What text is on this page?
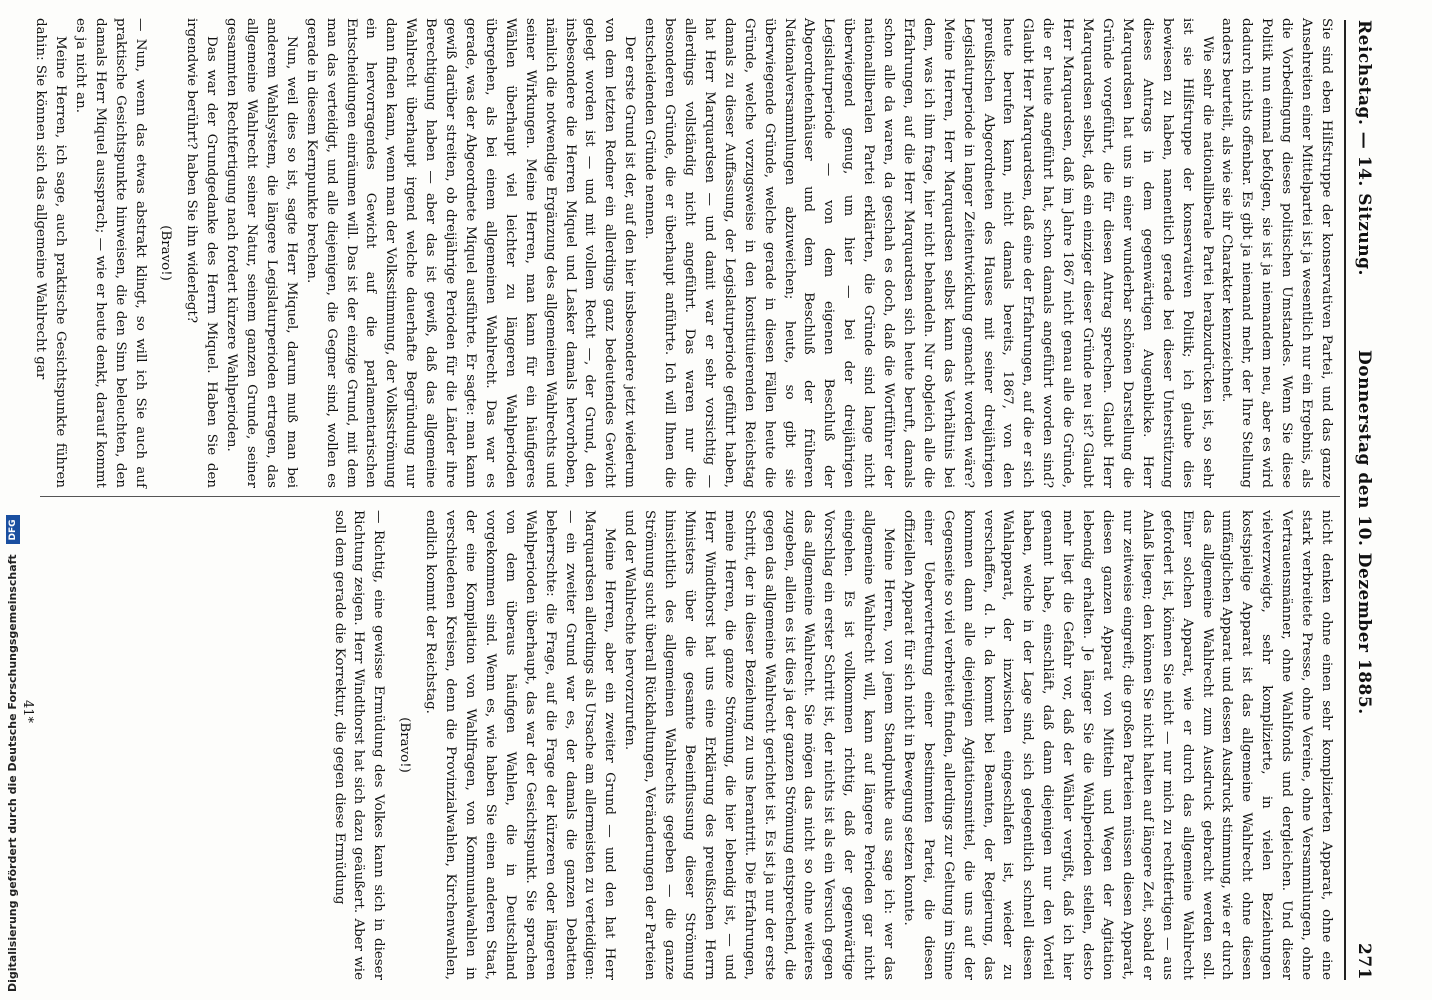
Reichstag. — 14. Sitzung.
Donnerstag den 10. Dezember 1885.
271

Sie sind eben Hilfstruppe der konservativen Partei, und das ganze Ansehreiten einer Mittelpartei ist ja wesentlich nur ein Ergebnis, als die Vorbedingung dieses politischen Umstandes. Wenn Sie diese Politik nun einmal befolgen, sie ist ja niemandem neu, aber es wird dadurch nichts offenbar. Es gibt ja niemand mehr, der Ihre Stellung anders beurteilt, als wie sie ihr Charakter kennzeichnet.

Wie sehr die nationalliberale Partei herabzudrücken ist, so sehr ist sie Hilfstruppe der konservativen Politik; ich glaube dies bewiesen zu haben, namentlich gerade bei dieser Unterstützung dieses Antrags in dem gegenwärtigen Augenblicke. Herr Marquardsen hat uns in einer wunderbar schönen Darstellung die Gründe vorgeführt, die für diesen Antrag sprechen. Glaubt Herr Marquardsen selbst, daß ein einziger dieser Gründe neu ist? Glaubt Herr Marquardsen, daß im Jahre 1867 nicht genau alle die Gründe, die er heute angeführt hat, schon damals angeführt worden sind? Glaubt Herr Marquardsen, daß eine der Erfahrungen, auf die er sich heute berufen kann, nicht damals bereits, 1867, von den preußischen Abgeordneten des Hauses mit seiner dreijährigen Legislaturperiode in langer Zeitentwicklung gemacht worden wäre? Meine Herren, Herr Marquardsen selbst kann das Verhältnis bei dem, was ich ihm frage, hier nicht behandeln. Nur obgleich alle die Erfahrungen, auf die Herr Marquardsen sich heute beruft, damals schon alle da waren, da geschah es doch, daß die Wortführer der nationalliberalen Partei erklärten, die Gründe sind lange nicht überwiegend genug, um hier — bei der dreijährigen Legislaturperiode — von dem eigenen Beschluß der Abgeordnetenhäuser und dem Beschluß der früheren Nationalversammlungen abzuweichen; heute, so gibt sie überwiegende Gründe, welche gerade in diesen Fällen heute die Gründe, welche vorzugsweise in den konstituierenden Reichstag damals zu dieser Auffassung, der Legislaturperiode geführt haben, hat Herr Marquardsen — und damit war er sehr vorsichtig — allerdings vollständig nicht angeführt. Das waren nur die besonderen Gründe, die er überhaupt anführte. Ich will Ihnen die entscheidenden Gründe nennen.

Der erste Grund ist der, auf den hier insbesondere jetzt wiederum von dem letzten Redner ein allerdings ganz bedeutendes Gewicht gelegt worden ist — und mit vollem Recht —, der Grund, den insbesondere die Herren Miquel und Lasker damals hervorhoben, nämlich die notwendige Ergänzung des allgemeinen Wahlrechts und seiner Wirkungen. Meine Herren, man kann für ein häufigeres Wählen überhaupt viel leichter zu längeren Wahlperioden übergehen, als bei einem allgemeinen Wahlrecht. Das war es gerade, was der Abgeordnete Miquel ausführte. Er sagte: man kann gewiß darüber streiten, ob dreijährige Perioden für die Länder ihre Berechtigung haben — aber das ist gewiß, daß das allgemeine Wahlrecht überhaupt irgend welche dauerhafte Begründung nur dann finden kann, wenn man der Volksstimmung, der Volksströmung ein hervorragendes Gewicht auf die parlamentarischen Entscheidungen einräumen will. Das ist der einzige Grund, mit dem man das verteidigt, und alle diejenigen, die Gegner sind, wollen es gerade in diesem Kernpunkte brechen.

Nun, weil dies so ist, sagte Herr Miquel, darum muß man bei anderem Wahlsystem, die längere Legislaturperioden ertragen, das allgemeine Wahlrecht seiner Natur, seinem ganzen Grunde, seiner gesammten Rechtfertigung nach fordert kürzere Wahlperioden.

Das war der Grundgedanke des Herrn Miquel. Haben Sie den irgendwie berührt? haben Sie ihn widerlegt?

(Bravo!)

— Nun, wenn das etwas abstrakt klingt, so will ich Sie auch auf praktische Gesichtspunkte hinweisen, die den Sinn beleuchten, den damals Herr Miquel aussprach; — wie er heute denkt, darauf kommt es ja nicht an.

Meine Herren, ich sage, auch praktische Gesichtspunkte führen dahin: Sie können sich das allgemeine Wahlrecht gar

nicht denken ohne einen sehr komplizierten Apparat, ohne eine stark verbreitete Presse, ohne Vereine, ohne Versammlungen, ohne Vertrauensmänner, ohne Wahlfonds und dergleichen. Und dieser vielverzweigte, sehr komplizierte, in vielen Beziehungen kostspielige Apparat ist das allgemeine Wahlrecht ohne diesen umfänglichen Apparat und dessen Ausdruck stimmung, wie er durch das allgemeine Wahlrecht zum Ausdruck gebracht werden soll. Einer solchen Apparat, wie er durch das allgemeine Wahlrecht gefordert ist, können Sie nicht — nur mich zu rechtfertigen — aus Anlaß liegen; den können Sie nicht halten auf längere Zeit, sobald er nur zeitweise eingreift; die großen Parteien müssen diesen Apparat, diesen ganzen Apparat von Mitteln und Wegen der Agitation lebendig erhalten. Je länger Sie die Wahlperioden stellen, desto mehr liegt die Gefahr vor, daß der Wähler vergißt, daß ich hier genannt habe, einschläft, daß dann diejenigen nur den Vorteil haben, welche in der Lage sind, sich gelegentlich schnell diesen Wahlapparat, der inzwischen eingeschlafen ist, wieder zu verschaffen, d. h. da kommt bei Beamten, der Regierung, das kommen dann alle diejenigen Agitationsmittel, die uns auf der Gegenseite so viel verbreitet finden, allerdings zur Geltung im Sinne einer Uebervertretung einer bestimmten Partei, die diesen offiziellen Apparat für sich nicht in Bewegung setzen konnte.

Meine Herren, von jenem Standpunkte aus sage ich: wer das allgemeine Wahlrecht will, kann auf längere Perioden gar nicht eingehen. Es ist vollkommen richtig, daß der gegenwärtige Vorschlag ein erster Schritt ist, der nichts ist als ein Versuch gegen das allgemeine Wahlrecht. Sie mögen das nicht so ohne weiteres zugeben, allein es ist dies ja der ganzen Strömung entsprechend, die gegen das allgemeine Wahlrecht gerichtet ist. Es ist ja nur der erste Schritt, der in dieser Beziehung zu uns herantritt. Die Erfahrungen, meine Herren, die ganze Strömung, die hier lebendig ist, — und Herr Windthorst hat uns eine Erklärung des preußischen Herrn Ministers über die gesamte Beeinflussung dieser Strömung hinsichtlich des allgemeinen Wahlrechts gegeben — die ganze Strömung sucht überall Rückhaltungen, Veränderungen der Parteien und der Wahlrechte hervorzurufen.

Meine Herren, aber ein zweiter Grund — und den hat Herr Marquardsen allerdings als Ursache am allermeisten zu verteidigen: — ein zweiter Grund war es, der damals die ganzen Debatten beherrschte: die Frage, auf die Frage der kürzeren oder längeren Wahlperioden überhaupt, das war der Gesichtspunkt. Sie sprachen von dem überaus häufigen Wahlen, die in Deutschland vorgekommen sind. Wenn es, wie haben Sie einen anderen Staat, der eine Kompilation von Wahlfragen, von Kommunalwahlen in verschiedenen Kreisen, denn die Provinzialwahlen, Kirchenwahlen, endlich kommt der Reichstag.

(Bravo!)

— Richtig, eine gewisse Ermüdung des Volkes kann sich in dieser Richtung zeigen. Herr Windthorst hat sich dazu geäußert. Aber wie soll dem gerade die Korrektur, die gegen diese Ermüdung

41*
Digitalisierung gefördert durch die Deutsche Forschungsgemeinschaft DFG
